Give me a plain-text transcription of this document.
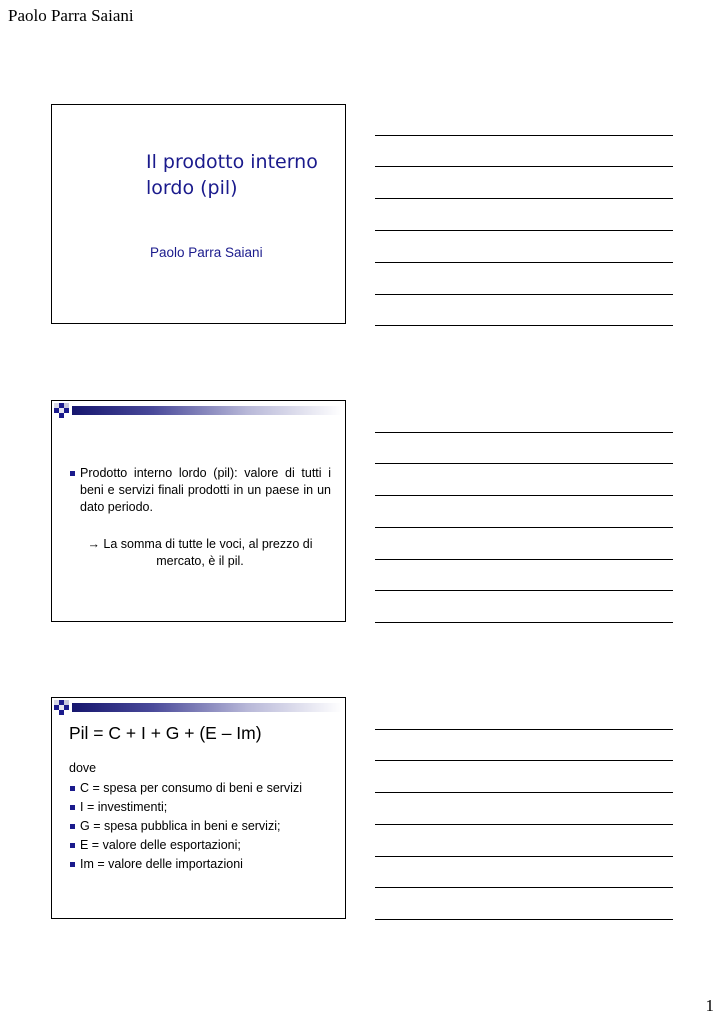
Paolo Parra Saiani
Il prodotto interno lordo (pil)
Paolo Parra Saiani
Prodotto interno lordo (pil): valore di tutti i beni e servizi finali prodotti in un paese in un dato periodo.
→ La somma di tutte le voci, al prezzo di mercato, è il pil.
Pil = C + I + G + (E – Im)
dove
C = spesa per consumo di beni e servizi
I = investimenti;
G = spesa pubblica in beni e servizi;
E = valore delle esportazioni;
Im = valore delle importazioni
1
